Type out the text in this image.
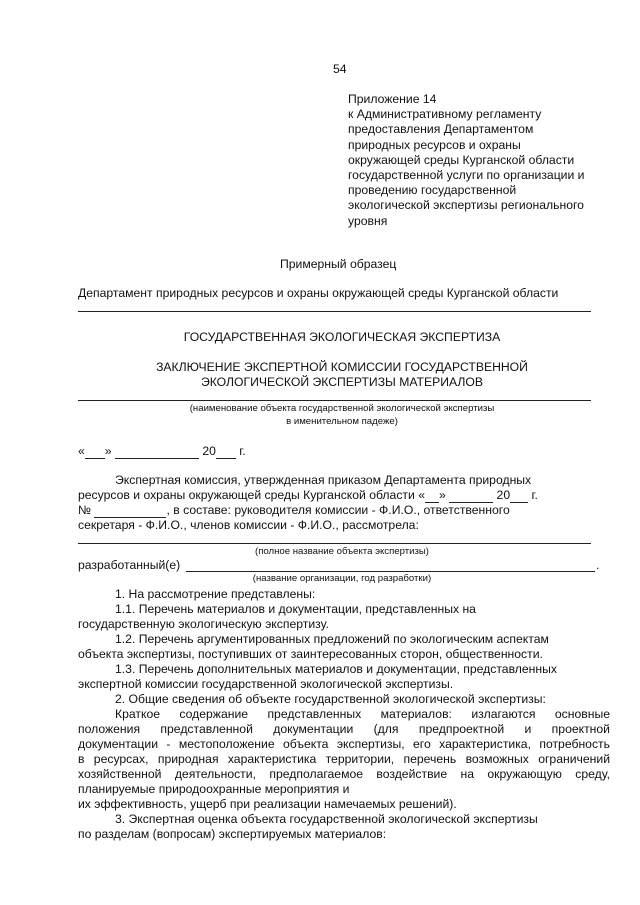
54
Приложение 14
к Административному регламенту
предоставления Департаментом
природных ресурсов и охраны
окружающей среды Курганской области
государственной услуги по организации и
проведению государственной
экологической экспертизы регионального
уровня
Примерный образец
Департамент природных ресурсов и охраны окружающей среды Курганской области
ГОСУДАРСТВЕННАЯ ЭКОЛОГИЧЕСКАЯ ЭКСПЕРТИЗА
ЗАКЛЮЧЕНИЕ ЭКСПЕРТНОЙ КОМИССИИ ГОСУДАРСТВЕННОЙ
ЭКОЛОГИЧЕСКОЙ ЭКСПЕРТИЗЫ МАТЕРИАЛОВ
(наименование объекта государственной экологической экспертизы
в именительном падеже)
« »	20 г.
Экспертная комиссия, утвержденная приказом Департамента природных
ресурсов и охраны окружающей среды Курганской области « »	20 г.
№	, в составе: руководителя комиссии - Ф.И.О., ответственного
секретаря - Ф.И.О., членов комиссии - Ф.И.О., рассмотрела:
(полное название объекта экспертизы)
разработанный(е)	.
(название организации, год разработки)
1. На рассмотрение представлены:
1.1. Перечень материалов и документации, представленных на
государственную экологическую экспертизу.
1.2. Перечень аргументированных предложений по экологическим аспектам
объекта экспертизы, поступивших от заинтересованных сторон, общественности.
1.3. Перечень дополнительных материалов и документации, представленных
экспертной комиссии государственной экологической экспертизы.
2. Общие сведения об объекте государственной экологической экспертизы:
Краткое содержание представленных материалов: излагаются основные
положения представленной документации (для предпроектной и проектной
документации - местоположение объекта экспертизы, его характеристика, потребность
в ресурсах, природная характеристика территории, перечень возможных ограничений
хозяйственной деятельности, предполагаемое воздействие на окружающую среду,
планируемые природоохранные мероприятия и
их эффективность, ущерб при реализации намечаемых решений).
3. Экспертная оценка объекта государственной экологической экспертизы
по разделам (вопросам) экспертируемых материалов:
